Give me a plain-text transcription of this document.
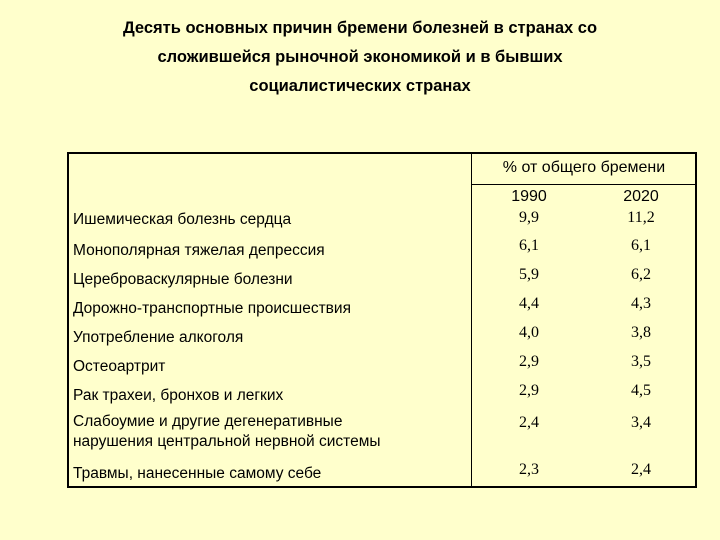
Десять основных причин бремени болезней в странах со
сложившейся рыночной экономикой и в бывших
социалистических странах
% от общего бремени
1990	2020
Ишемическая болезнь сердца	9,9	11,2
Монополярная тяжелая депрессия	6,1	6,1
Цереброваскулярные болезни	5,9	6,2
Дорожно-транспортные происшествия	4,4	4,3
Употребление алкоголя	4,0	3,8
Остеоартрит	2,9	3,5
Рак трахеи, бронхов и легких	2,9	4,5
Слабоумие и другие дегенеративные
нарушения центральной нервной системы
2,4	3,4
Травмы, нанесенные самому себе	2,3	2,4
